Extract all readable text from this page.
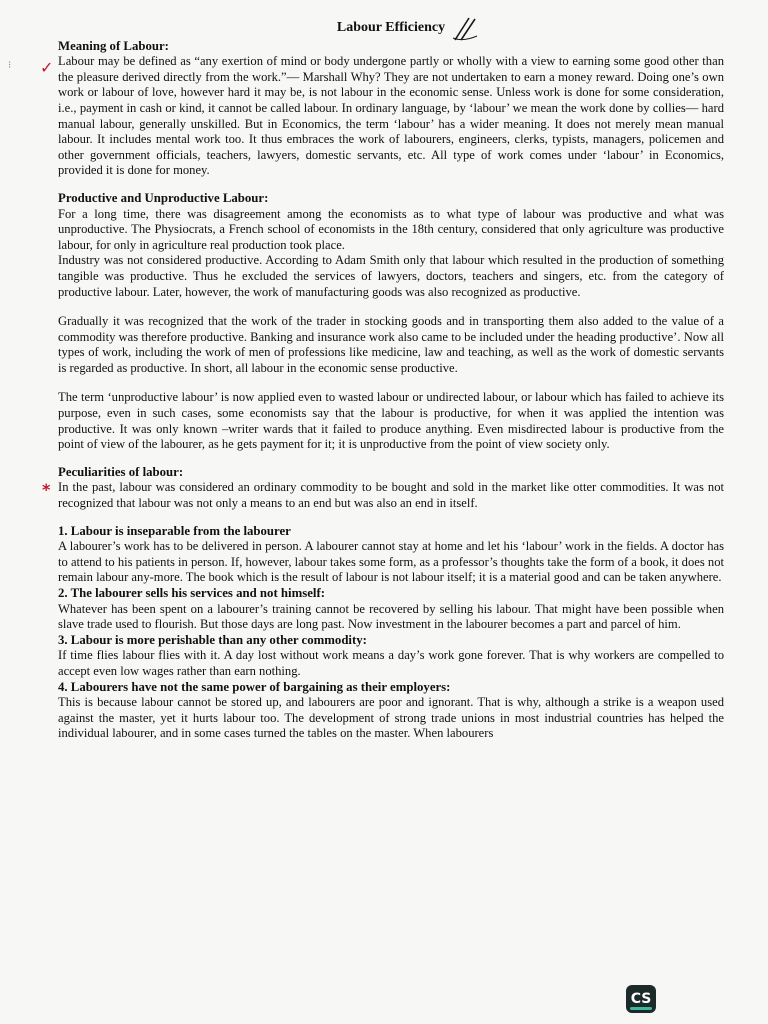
Labour Efficiency
Meaning of Labour:

Labour may be defined as “any exertion of mind or body undergone partly or wholly with a view to earning some good other than the pleasure derived directly from the work.”— Marshall Why? They are not undertaken to earn a money reward. Doing one’s own work or labour of love, however hard it may be, is not labour in the economic sense. Unless work is done for some consideration, i.e., payment in cash or kind, it cannot be called labour. In ordinary language, by ‘labour’ we mean the work done by collies— hard manual labour, generally unskilled. But in Economics, the term ‘labour’ has a wider meaning. It does not merely mean manual labour. It includes mental work too. It thus embraces the work of labourers, engineers, clerks, typists, managers, policemen and other government officials, teachers, lawyers, domestic servants, etc. All type of work comes under ‘labour’ in Economics, provided it is done for money.

Productive and Unproductive Labour:

For a long time, there was disagreement among the economists as to what type of labour was productive and what was unproductive. The Physiocrats, a French school of economists in the 18th century, considered that only agriculture was productive labour, for only in agriculture real production took place.

Industry was not considered productive. According to Adam Smith only that labour which resulted in the production of something tangible was productive. Thus he excluded the services of lawyers, doctors, teachers and singers, etc. from the category of productive labour. Later, however, the work of manufacturing goods was also recognized as productive.

Gradually it was recognized that the work of the trader in stocking goods and in transporting them also added to the value of a commodity was therefore productive. Banking and insurance work also came to be included under the heading productive’. Now all types of work, including the work of men of professions like medicine, law and teaching, as well as the work of domestic servants is regarded as productive. In short, all labour in the economic sense productive.

The term ‘unproductive labour’ is now applied even to wasted labour or undirected labour, or labour which has failed to achieve its purpose, even in such cases, some economists say that the labour is productive, for when it was applied the intention was productive. It was only known –writer wards that it failed to produce anything. Even misdirected labour is productive from the point of view of the labourer, as he gets payment for it; it is unproductive from the point of view society only.

Peculiarities of labour:

In the past, labour was considered an ordinary commodity to be bought and sold in the market like otter commodities. It was not recognized that labour was not only a means to an end but was also an end in itself.

1. Labour is inseparable from the labourer

A labourer’s work has to be delivered in person. A labourer cannot stay at home and let his ‘labour’ work in the fields. A doctor has to attend to his patients in person. If, however, labour takes some form, as a professor’s thoughts take the form of a book, it does not remain labour any-more. The book which is the result of labour is not labour itself; it is a material good and can be taken anywhere.

2. The labourer sells his services and not himself:

Whatever has been spent on a labourer’s training cannot be recovered by selling his labour. That might have been possible when slave trade used to flourish. But those days are long past. Now investment in the labourer becomes a part and parcel of him.

3. Labour is more perishable than any other commodity:

If time flies labour flies with it. A day lost without work means a day’s work gone forever. That is why workers are compelled to accept even low wages rather than earn nothing.

4. Labourers have not the same power of bargaining as their employers:

This is because labour cannot be stored up, and labourers are poor and ignorant. That is why, although a strike is a weapon used against the master, yet it hurts labour too. The development of strong trade unions in most industrial countries has helped the individual labourer, and in some cases turned the tables on the master. When labourers

✓
*
⁝
CS
